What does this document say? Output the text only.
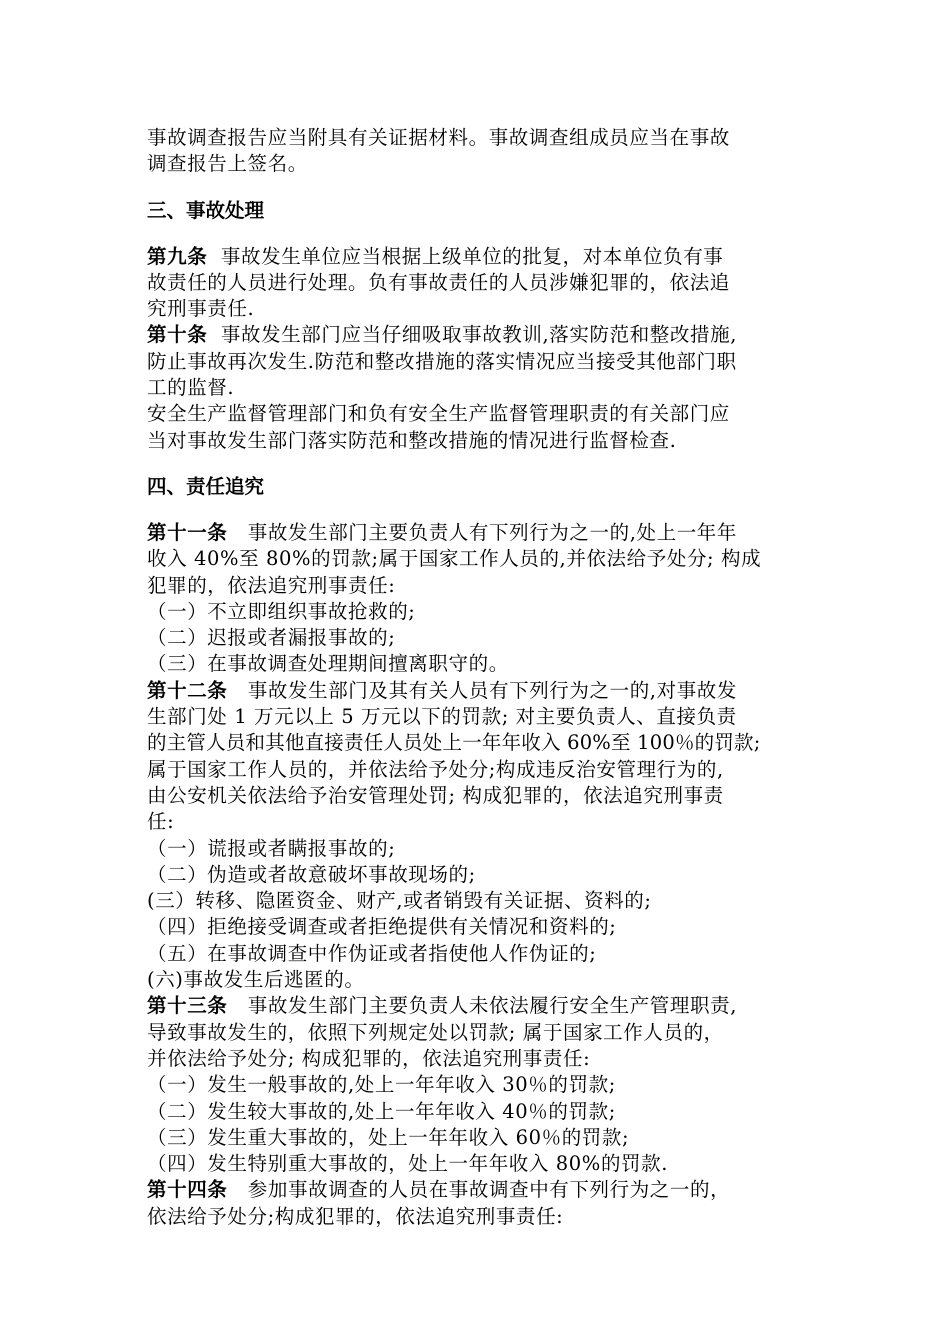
事故调查报告应当附具有关证据材料。事故调查组成员应当在事故
调查报告上签名。
三、事故处理
第九条  事故发生单位应当根据上级单位的批复，对本单位负有事
故责任的人员进行处理。负有事故责任的人员涉嫌犯罪的，依法追
究刑事责任.
第十条  事故发生部门应当仔细吸取事故教训,落实防范和整改措施,
防止事故再次发生.防范和整改措施的落实情况应当接受其他部门职
工的监督.
安全生产监督管理部门和负有安全生产监督管理职责的有关部门应
当对事故发生部门落实防范和整改措施的情况进行监督检查.
四、责任追究
第十一条   事故发生部门主要负责人有下列行为之一的,处上一年年
收入 40%至 80%的罚款;属于国家工作人员的,并依法给予处分; 构成
犯罪的，依法追究刑事责任:
（一）不立即组织事故抢救的;
（二）迟报或者漏报事故的;
（三）在事故调查处理期间擅离职守的。
第十二条   事故发生部门及其有关人员有下列行为之一的,对事故发
生部门处 1 万元以上 5 万元以下的罚款; 对主要负责人、直接负责
的主管人员和其他直接责任人员处上一年年收入 60%至 100％的罚款;
属于国家工作人员的，并依法给予处分;构成违反治安管理行为的,
由公安机关依法给予治安管理处罚; 构成犯罪的，依法追究刑事责
任:
（一）谎报或者瞒报事故的;
（二）伪造或者故意破坏事故现场的;
(三）转移、隐匿资金、财产,或者销毁有关证据、资料的;
（四）拒绝接受调查或者拒绝提供有关情况和资料的;
（五）在事故调查中作伪证或者指使他人作伪证的;
(六)事故发生后逃匿的。
第十三条   事故发生部门主要负责人未依法履行安全生产管理职责,
导致事故发生的，依照下列规定处以罚款; 属于国家工作人员的，
并依法给予处分; 构成犯罪的，依法追究刑事责任:
（一）发生一般事故的,处上一年年收入 30％的罚款;
（二）发生较大事故的,处上一年年收入 40％的罚款;
（三）发生重大事故的，处上一年年收入 60％的罚款;
（四）发生特别重大事故的，处上一年年收入 80%的罚款.
第十四条   参加事故调查的人员在事故调查中有下列行为之一的，
依法给予处分;构成犯罪的，依法追究刑事责任:
